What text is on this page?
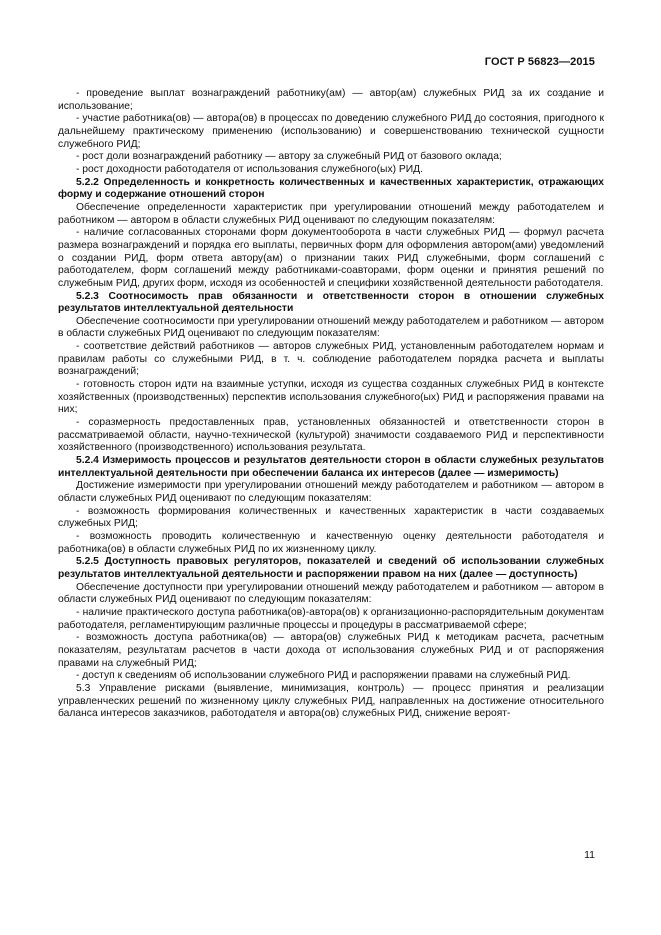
ГОСТ Р 56823—2015

- проведение выплат вознаграждений работнику(ам) — автор(ам) служебных РИД за их создание и использование;

- участие работника(ов) — автора(ов) в процессах по доведению служебного РИД до состояния, пригодного к дальнейшему практическому применению (использованию) и совершенствованию технической сущности служебного РИД;

- рост доли вознаграждений работнику — автору за служебный РИД от базового оклада;

- рост доходности работодателя от использования служебного(ых) РИД.

5.2.2 Определенность и конкретность количественных и качественных характеристик, отражающих форму и содержание отношений сторон

Обеспечение определенности характеристик при урегулировании отношений между работодателем и работником — автором в области служебных РИД оценивают по следующим показателям:

- наличие согласованных сторонами форм документооборота в части служебных РИД — формул расчета размера вознаграждений и порядка его выплаты, первичных форм для оформления автором(ами) уведомлений о создании РИД, форм ответа автору(ам) о признании таких РИД служебными, форм соглашений с работодателем, форм соглашений между работниками-соавторами, форм оценки и принятия решений по служебным РИД, других форм, исходя из особенностей и специфики хозяйственной деятельности работодателя.

5.2.3 Соотносимость прав обязанности и ответственности сторон в отношении служебных результатов интеллектуальной деятельности

Обеспечение соотносимости при урегулировании отношений между работодателем и работником — автором в области служебных РИД оценивают по следующим показателям:

- соответствие действий работников — авторов служебных РИД, установленным работодателем нормам и правилам работы со служебными РИД, в т. ч. соблюдение работодателем порядка расчета и выплаты вознаграждений;

- готовность сторон идти на взаимные уступки, исходя из существа созданных служебных РИД в контексте хозяйственных (производственных) перспектив использования служебного(ых) РИД и распоряжения правами на них;

- соразмерность предоставленных прав, установленных обязанностей и ответственности сторон в рассматриваемой области, научно-технической (культурой) значимости создаваемого РИД и перспективности хозяйственного (производственного) использования результата.

5.2.4 Измеримость процессов и результатов деятельности сторон в области служебных результатов интеллектуальной деятельности при обеспечении баланса их интересов (далее — измеримость)

Достижение измеримости при урегулировании отношений между работодателем и работником — автором в области служебных РИД оценивают по следующим показателям:

- возможность формирования количественных и качественных характеристик в части создаваемых служебных РИД;

- возможность проводить количественную и качественную оценку деятельности работодателя и работника(ов) в области служебных РИД по их жизненному циклу.

5.2.5 Доступность правовых регуляторов, показателей и сведений об использовании служебных результатов интеллектуальной деятельности и распоряжении правом на них (далее — доступность)

Обеспечение доступности при урегулировании отношений между работодателем и работником — автором в области служебных РИД оценивают по следующим показателям:

- наличие практического доступа работника(ов)-автора(ов) к организационно-распорядительным документам работодателя, регламентирующим различные процессы и процедуры в рассматриваемой сфере;

- возможность доступа работника(ов) — автора(ов) служебных РИД к методикам расчета, расчетным показателям, результатам расчетов в части дохода от использования служебных РИД и от распоряжения правами на служебный РИД;

- доступ к сведениям об использовании служебного РИД и распоряжении правами на служебный РИД.

5.3 Управление рисками (выявление, минимизация, контроль) — процесс принятия и реализации управленческих решений по жизненному циклу служебных РИД, направленных на достижение относительного баланса интересов заказчиков, работодателя и автора(ов) служебных РИД, снижение вероят-

11
